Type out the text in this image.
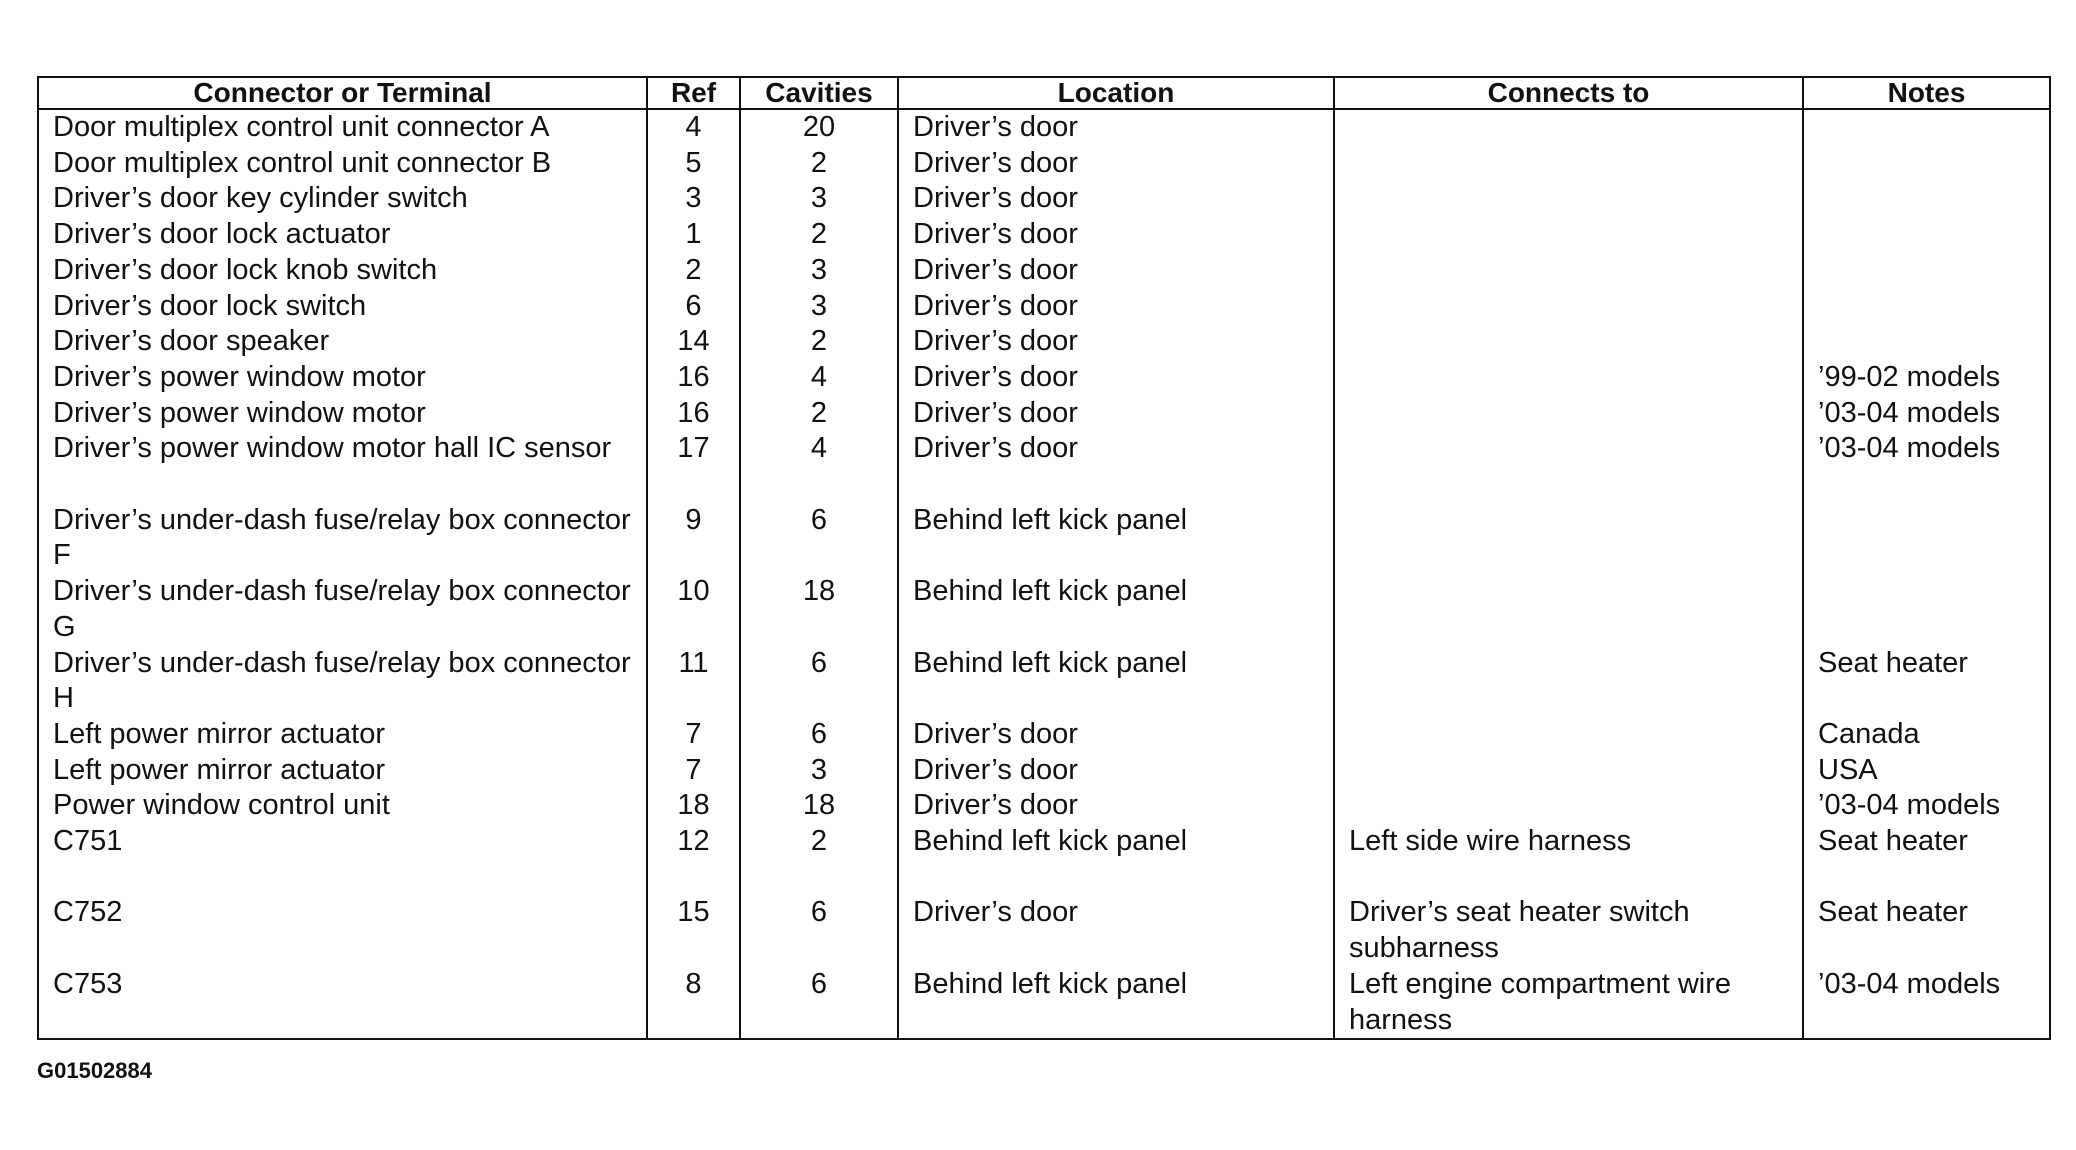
Connector or Terminal	Ref	Cavities	Location	Connects to	Notes
Door multiplex control unit connector A	4	20	Driver’s door		
Door multiplex control unit connector B	5	2	Driver’s door		
Driver’s door key cylinder switch	3	3	Driver’s door		
Driver’s door lock actuator	1	2	Driver’s door		
Driver’s door lock knob switch	2	3	Driver’s door		
Driver’s door lock switch	6	3	Driver’s door		
Driver’s door speaker	14	2	Driver’s door		
Driver’s power window motor	16	4	Driver’s door		’99-02 models
Driver’s power window motor	16	2	Driver’s door		’03-04 models
Driver’s power window motor hall IC sensor	17	4	Driver’s door		’03-04 models
Driver’s under-dash fuse/relay box connector F	9	6	Behind left kick panel		
Driver’s under-dash fuse/relay box connector G	10	18	Behind left kick panel		
Driver’s under-dash fuse/relay box connector H	11	6	Behind left kick panel		Seat heater
Left power mirror actuator	7	6	Driver’s door		Canada
Left power mirror actuator	7	3	Driver’s door		USA
Power window control unit	18	18	Driver’s door		’03-04 models
C751	12	2	Behind left kick panel	Left side wire harness	Seat heater
C752	15	6	Driver’s door	Driver’s seat heater switch subharness	Seat heater
C753	8	6	Behind left kick panel	Left engine compartment wire harness	’03-04 models
G01502884
